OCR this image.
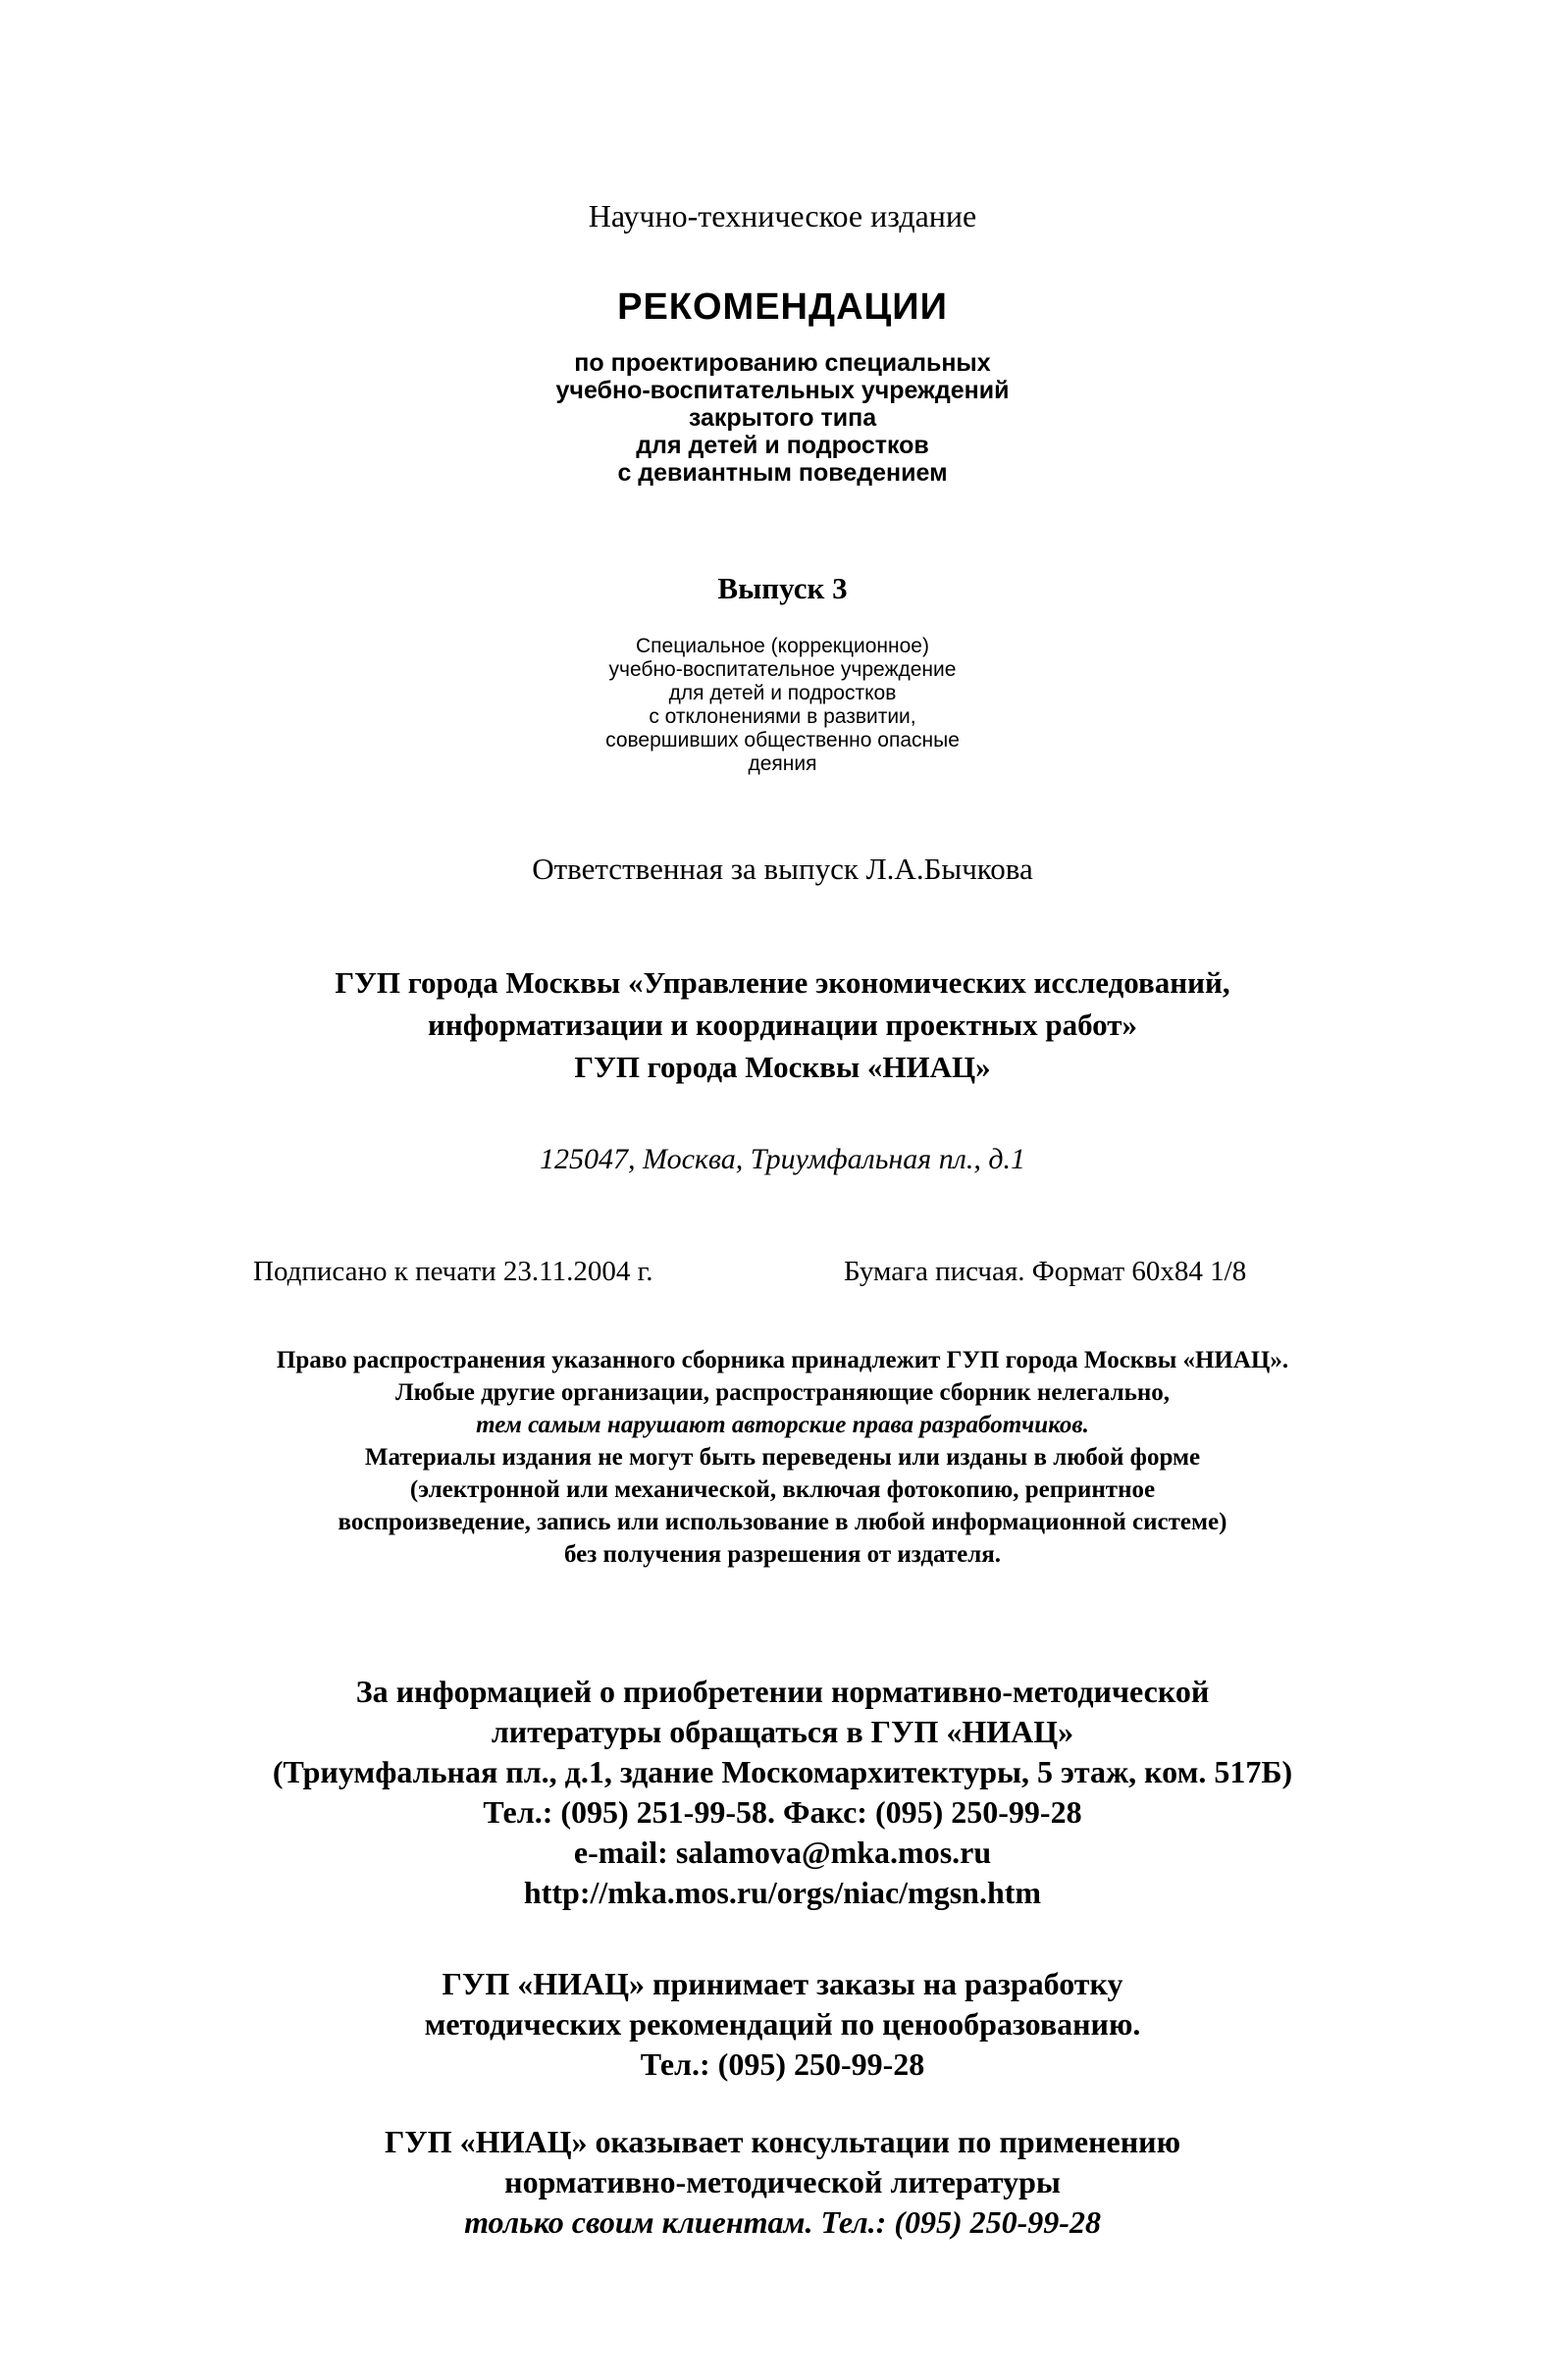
Научно-техническое издание
РЕКОМЕНДАЦИИ
по проектированию специальных
учебно-воспитательных учреждений
закрытого типа
для детей и подростков
с девиантным поведением
Выпуск 3
Специальное (коррекционное)
учебно-воспитательное учреждение
для детей и подростков
с отклонениями в развитии,
совершивших общественно опасные
деяния
Ответственная за выпуск Л.А.Бычкова
ГУП города Москвы «Управление экономических исследований,
информатизации и координации проектных работ»
ГУП города Москвы «НИАЦ»
125047, Москва, Триумфальная пл., д.1
Подписано к печати 23.11.2004 г.	Бумага писчая. Формат 60x84 1/8
Право распространения указанного сборника принадлежит ГУП города Москвы «НИАЦ».
Любые другие организации, распространяющие сборник нелегально,
тем самым нарушают авторские права разработчиков.
Материалы издания не могут быть переведены или изданы в любой форме
(электронной или механической, включая фотокопию, репринтное
воспроизведение, запись или использование в любой информационной системе)
без получения разрешения от издателя.
За информацией о приобретении нормативно-методической
литературы обращаться в ГУП «НИАЦ»
(Триумфальная пл., д.1, здание Москомархитектуры, 5 этаж, ком. 517Б)
Тел.: (095) 251-99-58. Факс: (095) 250-99-28
e-mail: salamova@mka.mos.ru
http://mka.mos.ru/orgs/niac/mgsn.htm
ГУП «НИАЦ» принимает заказы на разработку
методических рекомендаций по ценообразованию.
Тел.: (095) 250-99-28
ГУП «НИАЦ» оказывает консультации по применению
нормативно-методической литературы
только своим клиентам. Тел.: (095) 250-99-28
